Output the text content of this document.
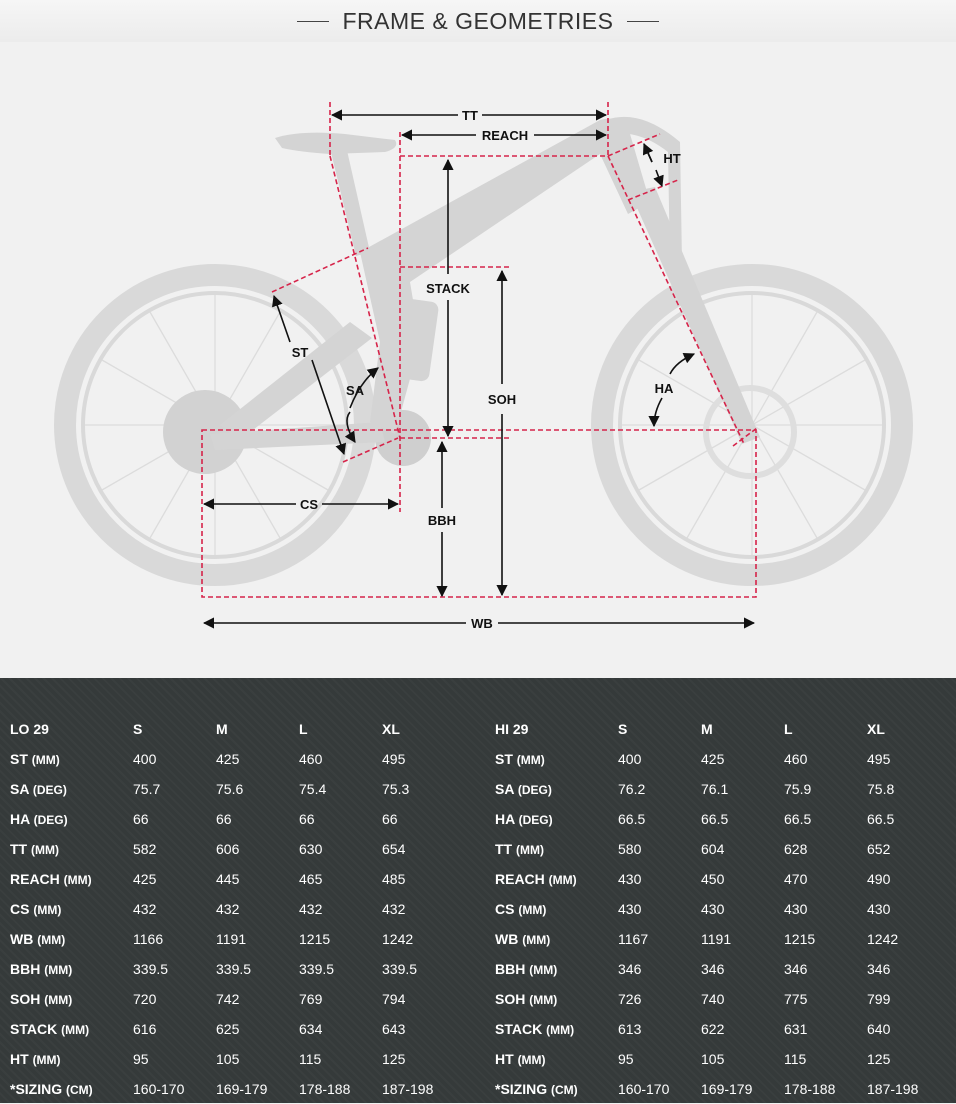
FRAME & GEOMETRIES
TT
REACH
HT
STACK
ST
SA
SOH
HA
CS
BBH
WB
LO 29	S	M	L	XL
ST (MM)	400	425	460	495
SA (DEG)	75.7	75.6	75.4	75.3
HA (DEG)	66	66	66	66
TT (MM)	582	606	630	654
REACH (MM)	425	445	465	485
CS (MM)	432	432	432	432
WB (MM)	1166	1191	1215	1242
BBH (MM)	339.5	339.5	339.5	339.5
SOH (MM)	720	742	769	794
STACK (MM)	616	625	634	643
HT (MM)	95	105	115	125
*SIZING (CM)	160-170	169-179	178-188	187-198
HI 29	S	M	L	XL
ST (MM)	400	425	460	495
SA (DEG)	76.2	76.1	75.9	75.8
HA (DEG)	66.5	66.5	66.5	66.5
TT (MM)	580	604	628	652
REACH (MM)	430	450	470	490
CS (MM)	430	430	430	430
WB (MM)	1167	1191	1215	1242
BBH (MM)	346	346	346	346
SOH (MM)	726	740	775	799
STACK (MM)	613	622	631	640
HT (MM)	95	105	115	125
*SIZING (CM)	160-170	169-179	178-188	187-198
